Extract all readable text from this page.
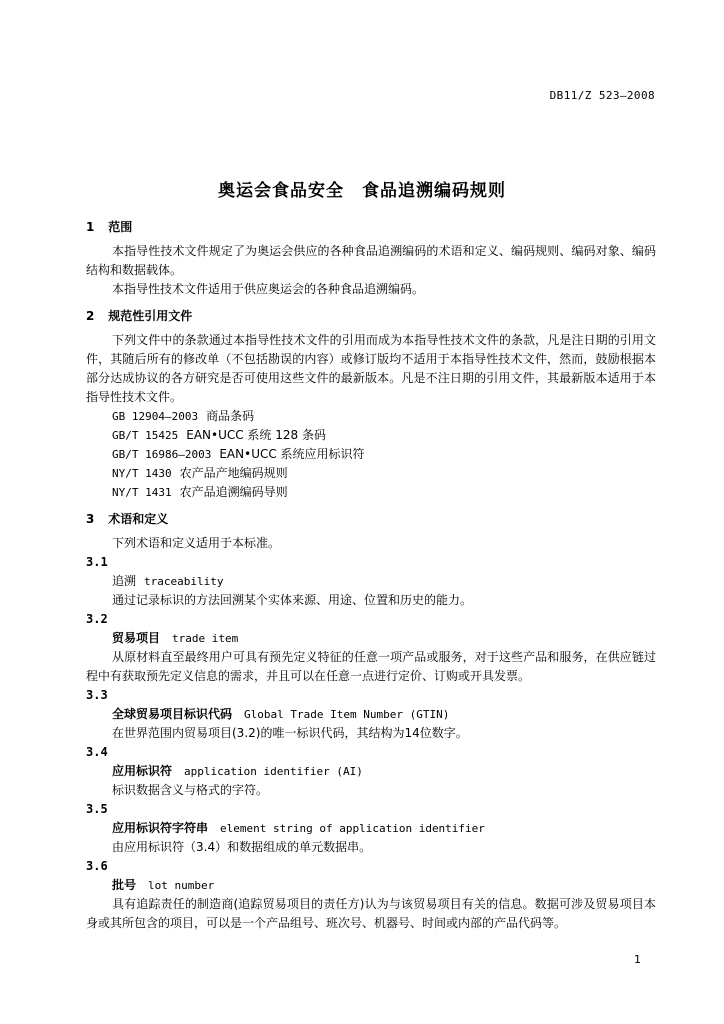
DB11/Z 523—2008
奥运会食品安全　食品追溯编码规则
1 范围

本指导性技术文件规定了为奥运会供应的各种食品追溯编码的术语和定义、编码规则、编码对象、编码结构和数据载体。

本指导性技术文件适用于供应奥运会的各种食品追溯编码。

2 规范性引用文件

下列文件中的条款通过本指导性技术文件的引用而成为本指导性技术文件的条款，凡是注日期的引用文件，其随后所有的修改单（不包括勘误的内容）或修订版均不适用于本指导性技术文件，然而，鼓励根据本部分达成协议的各方研究是否可使用这些文件的最新版本。凡是不注日期的引用文件，其最新版本适用于本指导性技术文件。

GB 12904—2003 商品条码

GB/T 15425 EAN•UCC 系统 128 条码

GB/T 16986—2003 EAN•UCC 系统应用标识符

NY/T 1430 农产品产地编码规则

NY/T 1431 农产品追溯编码导则

3 术语和定义

下列术语和定义适用于本标准。

3.1

追溯 traceability

通过记录标识的方法回溯某个实体来源、用途、位置和历史的能力。

3.2

贸易项目 trade item

从原材料直至最终用户可具有预先定义特征的任意一项产品或服务，对于这些产品和服务，在供应链过程中有获取预先定义信息的需求，并且可以在任意一点进行定价、订购或开具发票。

3.3

全球贸易项目标识代码 Global Trade Item Number (GTIN)

在世界范围内贸易项目(3.2)的唯一标识代码，其结构为14位数字。

3.4

应用标识符 application identifier (AI)

标识数据含义与格式的字符。

3.5

应用标识符字符串 element string of application identifier

由应用标识符（3.4）和数据组成的单元数据串。

3.6

批号 lot number

具有追踪责任的制造商(追踪贸易项目的责任方)认为与该贸易项目有关的信息。数据可涉及贸易项目本身或其所包含的项目，可以是一个产品组号、班次号、机器号、时间或内部的产品代码等。

1
